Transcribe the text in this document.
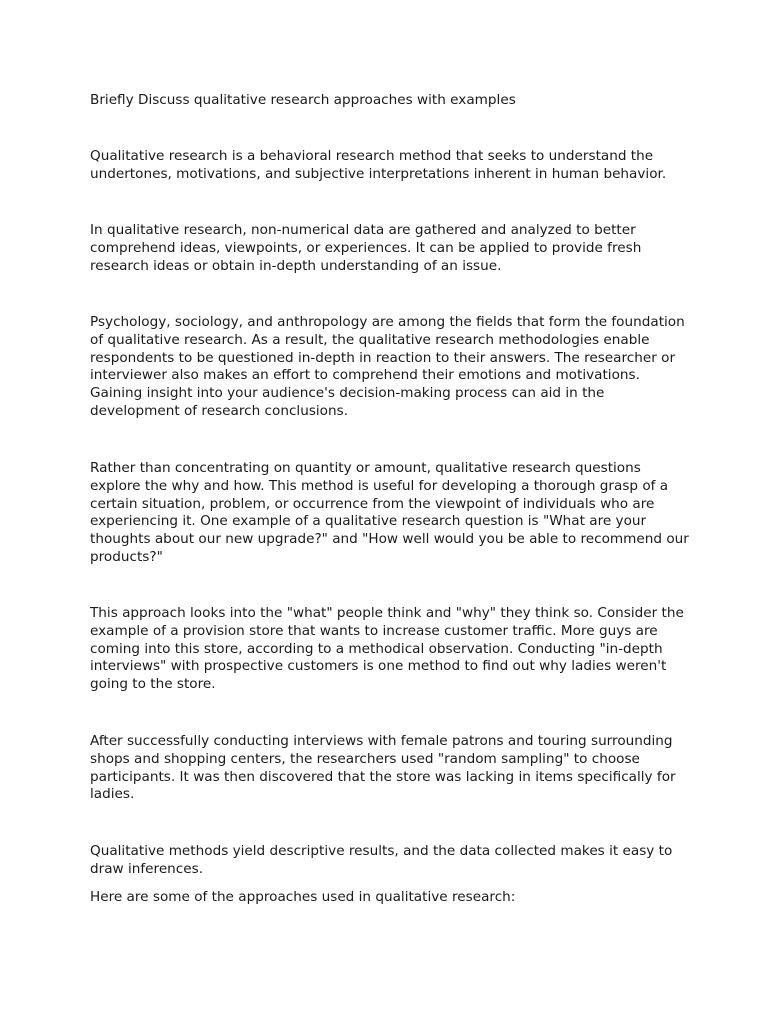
Briefly Discuss qualitative research approaches with examples

Qualitative research is a behavioral research method that seeks to understand the undertones, motivations, and subjective interpretations inherent in human behavior.

In qualitative research, non-numerical data are gathered and analyzed to better comprehend ideas, viewpoints, or experiences. It can be applied to provide fresh research ideas or obtain in-depth understanding of an issue.

Psychology, sociology, and anthropology are among the fields that form the foundation of qualitative research. As a result, the qualitative research methodologies enable respondents to be questioned in-depth in reaction to their answers. The researcher or interviewer also makes an effort to comprehend their emotions and motivations. Gaining insight into your audience's decision-making process can aid in the development of research conclusions.

Rather than concentrating on quantity or amount, qualitative research questions explore the why and how. This method is useful for developing a thorough grasp of a certain situation, problem, or occurrence from the viewpoint of individuals who are experiencing it. One example of a qualitative research question is "What are your thoughts about our new upgrade?" and "How well would you be able to recommend our products?"

This approach looks into the "what" people think and "why" they think so. Consider the example of a provision store that wants to increase customer traffic. More guys are coming into this store, according to a methodical observation. Conducting "in-depth interviews" with prospective customers is one method to find out why ladies weren't going to the store.

After successfully conducting interviews with female patrons and touring surrounding shops and shopping centers, the researchers used "random sampling" to choose participants. It was then discovered that the store was lacking in items specifically for ladies.

Qualitative methods yield descriptive results, and the data collected makes it easy to draw inferences.

Here are some of the approaches used in qualitative research:
